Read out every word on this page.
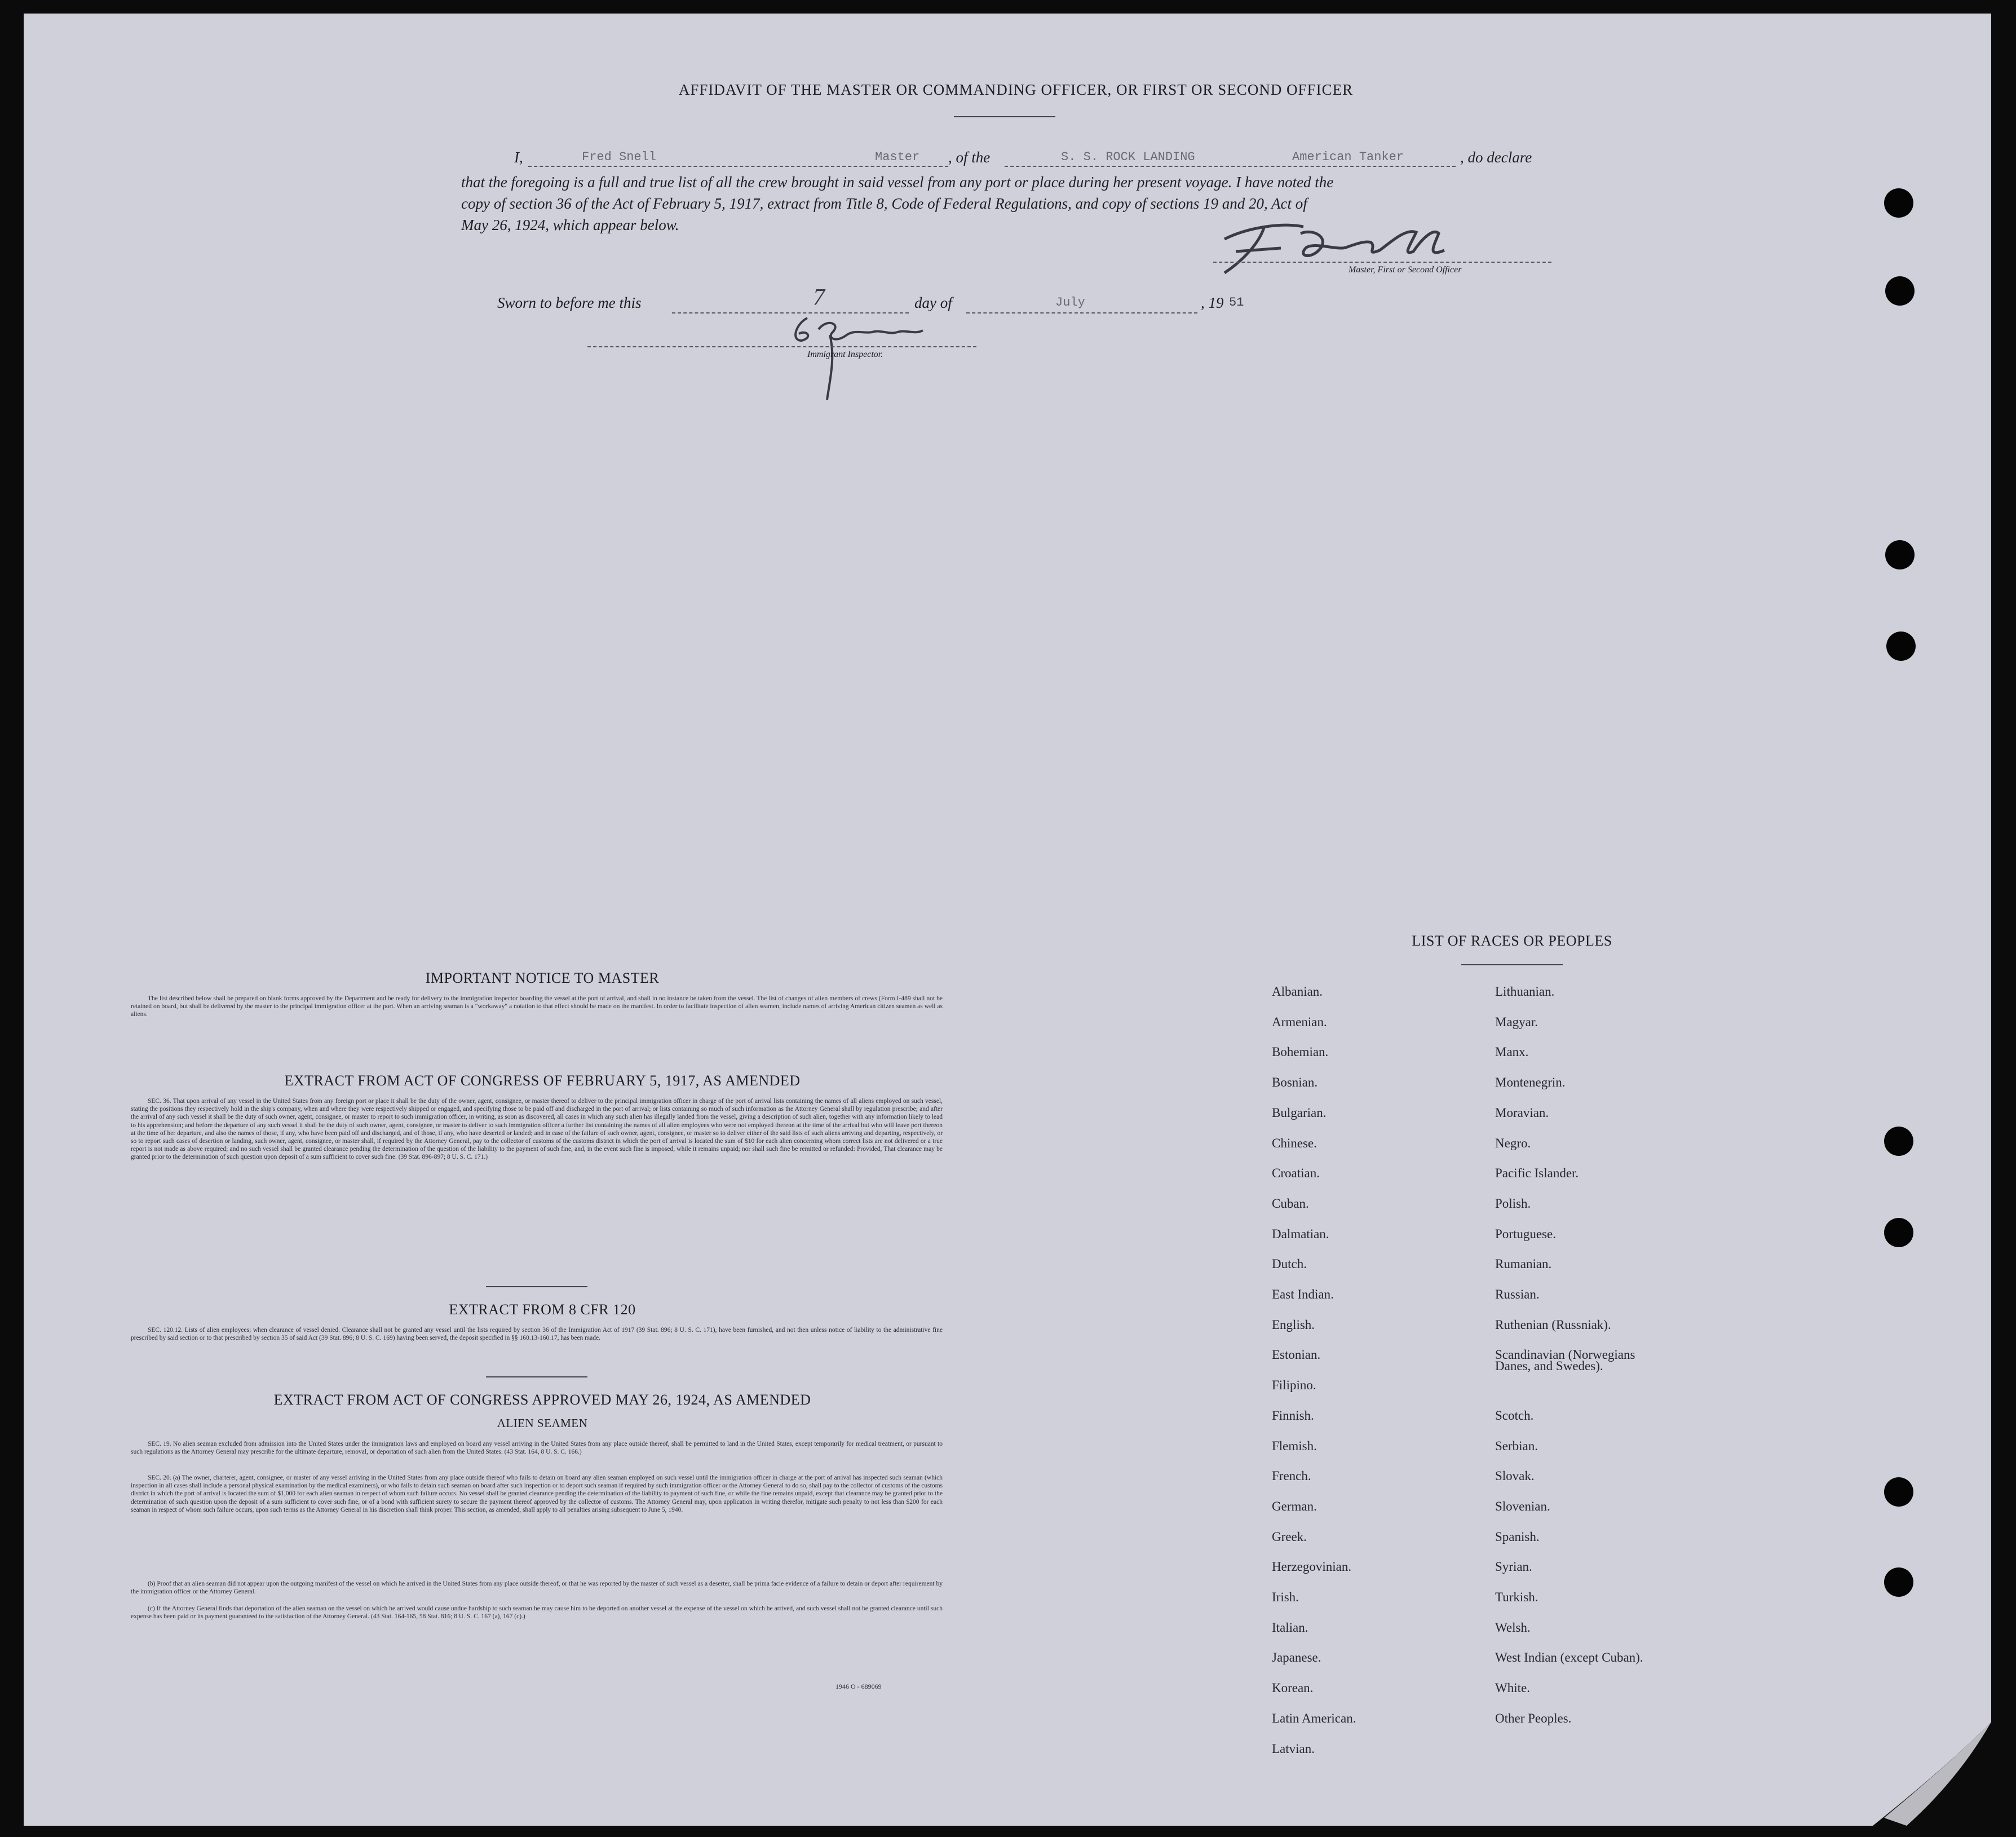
AFFIDAVIT OF THE MASTER OR COMMANDING OFFICER, OR FIRST OR SECOND OFFICER
I,	Fred Snell	Master , of the	S. S. ROCK LANDING	American Tanker	, do declare
that the foregoing is a full and true list of all the crew brought in said vessel from any port or place during her present voyage. I have noted the
copy of section 36 of the Act of February 5, 1917, extract from Title 8, Code of Federal Regulations, and copy of sections 19 and 20, Act of
May 26, 1924, which appear below.
Master, First or Second Officer
Sworn to before me this	7	day of	July	, 19 51
Immigrant Inspector.
IMPORTANT NOTICE TO MASTER
The list described below shall be prepared on blank forms approved by the Department and be ready for delivery to the immigration inspector boarding the vessel at the port of arrival, and shall in no instance be taken from the vessel. The list of changes of alien members of crews (Form I-489 shall not be retained on board, but shall be delivered by the master to the principal immigration officer at the port. When an arriving seaman is a "workaway" a notation to that effect should be made on the manifest. In order to facilitate inspection of alien seamen, include names of arriving American citizen seamen as well as aliens.
EXTRACT FROM ACT OF CONGRESS OF FEBRUARY 5, 1917, AS AMENDED
SEC. 36. That upon arrival of any vessel in the United States from any foreign port or place it shall be the duty of the owner, agent, consignee, or master thereof to deliver to the principal immigration officer in charge of the port of arrival lists containing the names of all aliens employed on such vessel, stating the positions they respectively hold in the ship's company, when and where they were respectively shipped or engaged, and specifying those to be paid off and discharged in the port of arrival; or lists containing so much of such information as the Attorney General shall by regulation prescribe; and after the arrival of any such vessel it shall be the duty of such owner, agent, consignee, or master to report to such immigration officer, in writing, as soon as discovered, all cases in which any such alien has illegally landed from the vessel, giving a description of such alien, together with any information likely to lead to his apprehension; and before the departure of any such vessel it shall be the duty of such owner, agent, consignee, or master to deliver to such immigration officer a further list containing the names of all alien employees who were not employed thereon at the time of the arrival but who will leave port thereon at the time of her departure, and also the names of those, if any, who have been paid off and discharged, and of those, if any, who have deserted or landed; and in case of the failure of such owner, agent, consignee, or master so to deliver either of the said lists of such aliens arriving and departing, respectively, or so to report such cases of desertion or landing, such owner, agent, consignee, or master shall, if required by the Attorney General, pay to the collector of customs of the customs district in which the port of arrival is located the sum of $10 for each alien concerning whom correct lists are not delivered or a true report is not made as above required; and no such vessel shall be granted clearance pending the determination of the question of the liability to the payment of such fine, and, in the event such fine is imposed, while it remains unpaid; nor shall such fine be remitted or refunded: Provided, That clearance may be granted prior to the determination of such question upon deposit of a sum sufficient to cover such fine. (39 Stat. 896-897; 8 U. S. C. 171.)
EXTRACT FROM 8 CFR 120
SEC. 120.12. Lists of alien employees; when clearance of vessel denied. Clearance shall not be granted any vessel until the lists required by section 36 of the Immigration Act of 1917 (39 Stat. 896; 8 U. S. C. 171), have been furnished, and not then unless notice of liability to the administrative fine prescribed by said section or to that prescribed by section 35 of said Act (39 Stat. 896; 8 U. S. C. 169) having been served, the deposit specified in §§ 160.13-160.17, has been made.
EXTRACT FROM ACT OF CONGRESS APPROVED MAY 26, 1924, AS AMENDED
ALIEN SEAMEN
SEC. 19. No alien seaman excluded from admission into the United States under the immigration laws and employed on board any vessel arriving in the United States from any place outside thereof, shall be permitted to land in the United States, except temporarily for medical treatment, or pursuant to such regulations as the Attorney General may prescribe for the ultimate departure, removal, or deportation of such alien from the United States. (43 Stat. 164, 8 U. S. C. 166.)
SEC. 20. (a) The owner, charterer, agent, consignee, or master of any vessel arriving in the United States from any place outside thereof who fails to detain on board any alien seaman employed on such vessel until the immigration officer in charge at the port of arrival has inspected such seaman (which inspection in all cases shall include a personal physical examination by the medical examiners), or who fails to detain such seaman on board after such inspection or to deport such seaman if required by such immigration officer or the Attorney General to do so, shall pay to the collector of customs of the customs district in which the port of arrival is located the sum of $1,000 for each alien seaman in respect of whom such failure occurs. No vessel shall be granted clearance pending the determination of the liability to payment of such fine, or while the fine remains unpaid, except that clearance may be granted prior to the determination of such question upon the deposit of a sum sufficient to cover such fine, or of a bond with sufficient surety to secure the payment thereof approved by the collector of customs. The Attorney General may, upon application in writing therefor, mitigate such penalty to not less than $200 for each seaman in respect of whom such failure occurs, upon such terms as the Attorney General in his discretion shall think proper. This section, as amended, shall apply to all penalties arising subsequent to June 5, 1940.
(b) Proof that an alien seaman did not appear upon the outgoing manifest of the vessel on which he arrived in the United States from any place outside thereof, or that he was reported by the master of such vessel as a deserter, shall be prima facie evidence of a failure to detain or deport after requirement by the immigration officer or the Attorney General.
(c) If the Attorney General finds that deportation of the alien seaman on the vessel on which he arrived would cause undue hardship to such seaman he may cause him to be deported on another vessel at the expense of the vessel on which he arrived, and such vessel shall not be granted clearance until such expense has been paid or its payment guaranteed to the satisfaction of the Attorney General. (43 Stat. 164-165, 58 Stat. 816; 8 U. S. C. 167 (a), 167 (c).)
1946 O - 689069
LIST OF RACES OR PEOPLES
Albanian.
Armenian.
Bohemian.
Bosnian.
Bulgarian.
Chinese.
Croatian.
Cuban.
Dalmatian.
Dutch.
East Indian.
English.
Estonian.
Filipino.
Finnish.
Flemish.
French.
German.
Greek.
Herzegovinian.
Irish.
Italian.
Japanese.
Korean.
Latin American.
Latvian.
Lithuanian.
Magyar.
Manx.
Montenegrin.
Moravian.
Negro.
Pacific Islander.
Polish.
Portuguese.
Rumanian.
Russian.
Ruthenian (Russniak).
Scandinavian (Norwegians
Scotch.
Serbian.
Slovak.
Slovenian.
Spanish.
Syrian.
Turkish.
Welsh.
West Indian (except Cuban).
White.
Other Peoples.
Danes, and Swedes).
